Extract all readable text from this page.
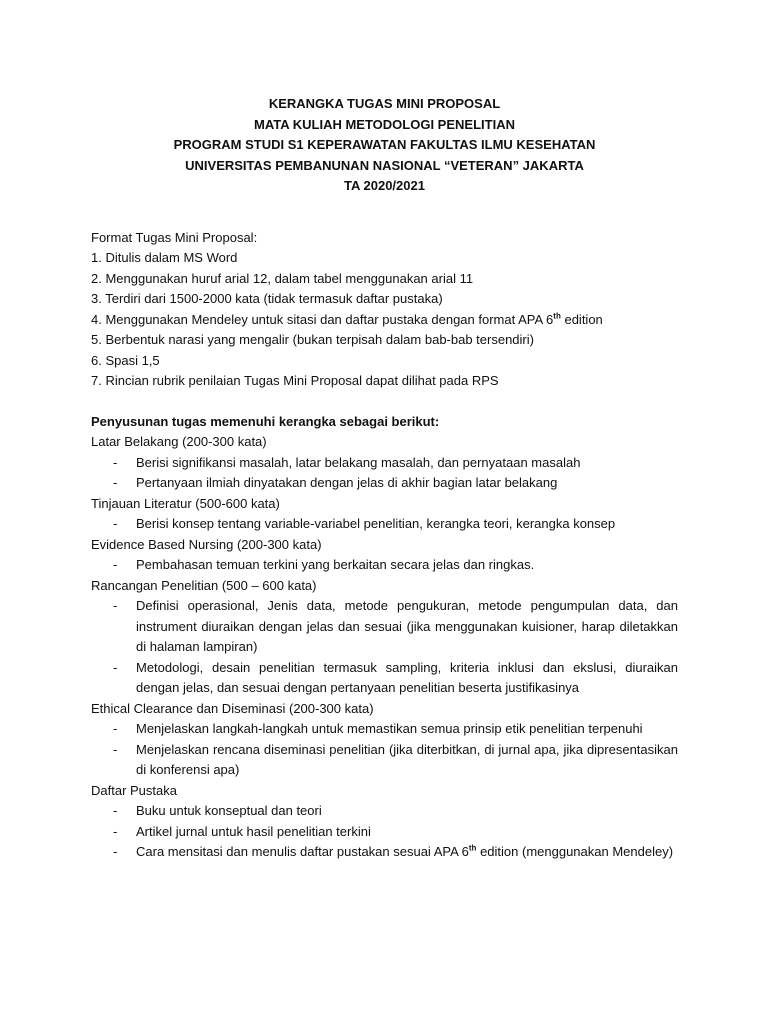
KERANGKA TUGAS MINI PROPOSAL
MATA KULIAH METODOLOGI PENELITIAN
PROGRAM STUDI S1 KEPERAWATAN FAKULTAS ILMU KESEHATAN
UNIVERSITAS PEMBANUNAN NASIONAL “VETERAN” JAKARTA
TA 2020/2021
Format Tugas Mini Proposal:
1. Ditulis dalam MS Word
2. Menggunakan huruf arial 12, dalam tabel menggunakan arial 11
3. Terdiri dari 1500-2000 kata (tidak termasuk daftar pustaka)
4. Menggunakan Mendeley untuk sitasi dan daftar pustaka dengan format APA 6th edition
5. Berbentuk narasi yang mengalir (bukan terpisah dalam bab-bab tersendiri)
6. Spasi 1,5
7. Rincian rubrik penilaian Tugas Mini Proposal dapat dilihat pada RPS
Penyusunan tugas memenuhi kerangka sebagai berikut:
Latar Belakang (200-300 kata)
- Berisi signifikansi masalah, latar belakang masalah, dan pernyataan masalah
- Pertanyaan ilmiah dinyatakan dengan jelas di akhir bagian latar belakang
Tinjauan Literatur (500-600 kata)
- Berisi konsep tentang variable-variabel penelitian, kerangka teori, kerangka konsep
Evidence Based Nursing (200-300 kata)
- Pembahasan temuan terkini yang berkaitan secara jelas dan ringkas.
Rancangan Penelitian (500 – 600 kata)
- Definisi operasional, Jenis data, metode pengukuran, metode pengumpulan data, dan instrument diuraikan dengan jelas dan sesuai (jika menggunakan kuisioner, harap diletakkan di halaman lampiran)
- Metodologi, desain penelitian termasuk sampling, kriteria inklusi dan ekslusi, diuraikan dengan jelas, dan sesuai dengan pertanyaan penelitian beserta justifikasinya
Ethical Clearance dan Diseminasi (200-300 kata)
- Menjelaskan langkah-langkah untuk memastikan semua prinsip etik penelitian terpenuhi
- Menjelaskan rencana diseminasi penelitian (jika diterbitkan, di jurnal apa, jika dipresentasikan di konferensi apa)
Daftar Pustaka
- Buku untuk konseptual dan teori
- Artikel jurnal untuk hasil penelitian terkini
- Cara mensitasi dan menulis daftar pustakan sesuai APA 6th edition (menggunakan Mendeley)
